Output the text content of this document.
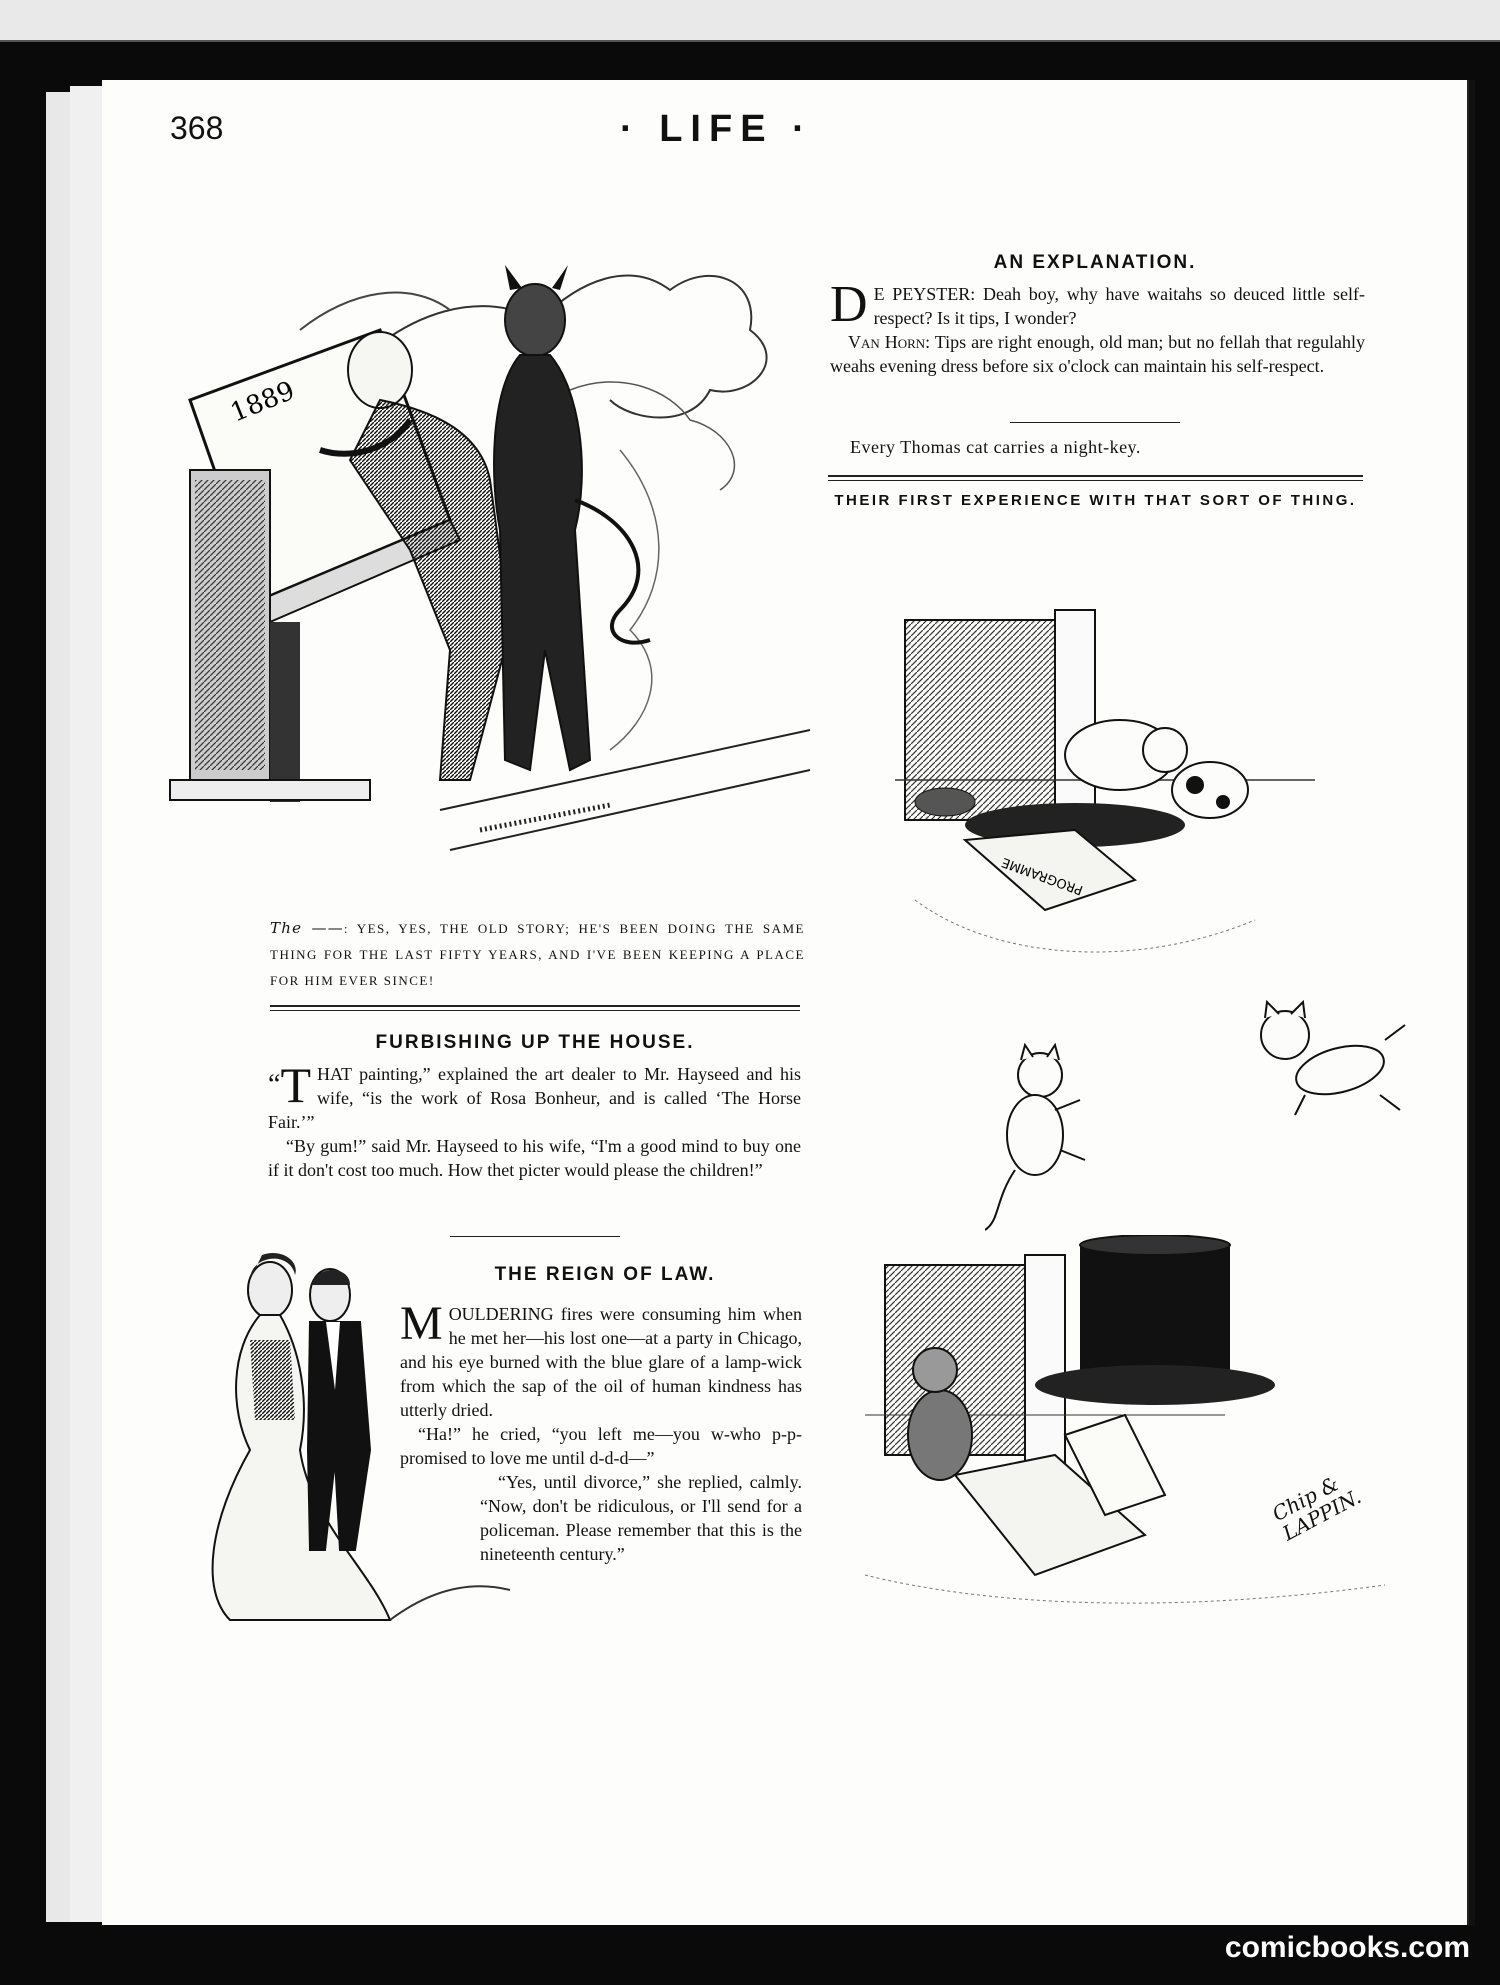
368	· LIFE ·
1889

The ——: YES, YES, THE OLD STORY; HE'S BEEN DOING THE SAME THING FOR THE LAST FIFTY YEARS, AND I'VE BEEN KEEPING A PLACE FOR HIM EVER SINCE!

FURBISHING UP THE HOUSE.

“T HAT painting,” explained the art dealer to Mr. Hayseed and his wife, “is the work of Rosa Bonheur, and is called ‘The Horse Fair.’”

“By gum!” said Mr. Hayseed to his wife, “I'm a good mind to buy one if it don't cost too much. How thet picter would please the children!”

THE REIGN OF LAW.

MOULDERING fires were consuming him when he met her—his lost one—at a party in Chicago, and his eye burned with the blue glare of a lamp-wick from which the sap of the oil of human kindness has utterly dried.

“Ha!” he cried, “you left me—you w-who p-p-promised to love me until d-d-d—”

“Yes, until divorce,” she replied, calmly. “Now, don't be ridiculous, or I'll send for a policeman. Please remember that this is the nineteenth century.”

AN EXPLANATION.

D E PEYSTER: Deah boy, why have waitahs so deuced little self-respect? Is it tips, I wonder?

Van Horn: Tips are right enough, old man; but no fellah that regulahly weahs evening dress before six o'clock can maintain his self-respect.

Every Thomas cat carries a night-key.

THEIR FIRST EXPERIENCE WITH THAT SORT OF THING.
PROGRAMME
Chip & LAPPIN.
comicbooks.com
